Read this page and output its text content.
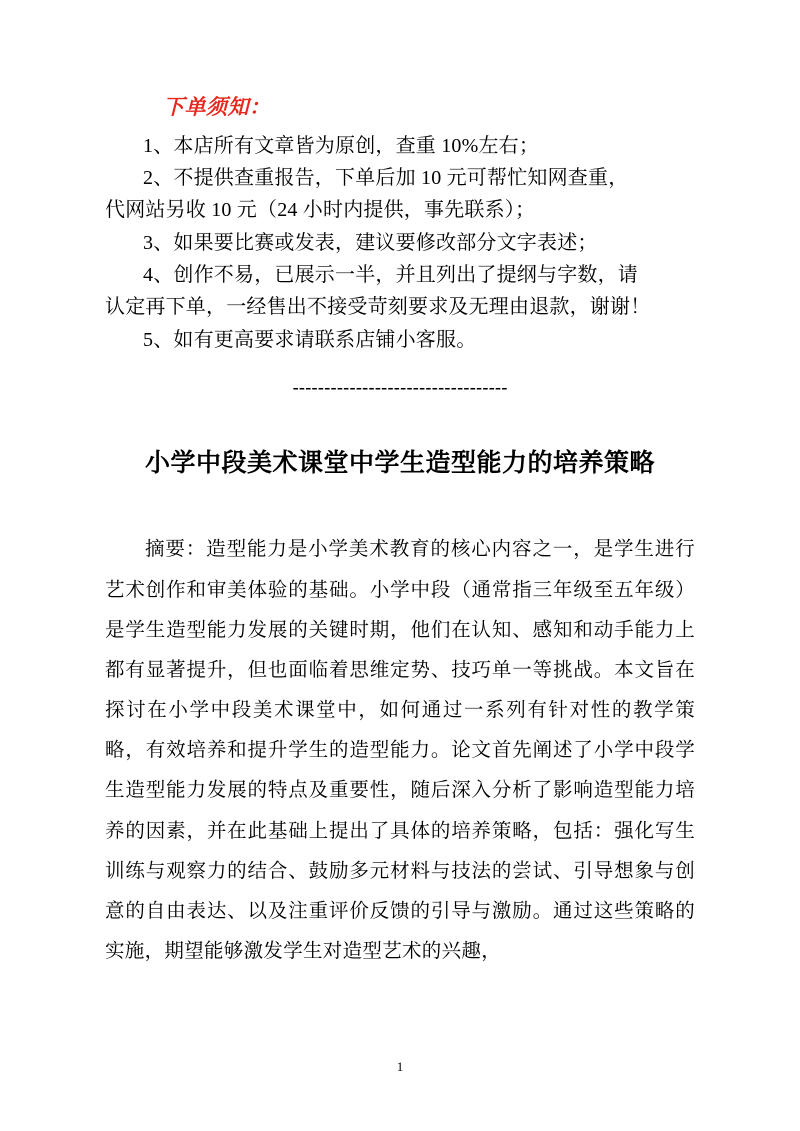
下单须知：

1、本店所有文章皆为原创，查重 10%左右；

2、不提供查重报告，下单后加 10 元可帮忙知网查重，

代网站另收 10 元（24 小时内提供，事先联系）；

3、如果要比赛或发表，建议要修改部分文字表述；

4、创作不易，已展示一半，并且列出了提纲与字数，请

认定再下单，一经售出不接受苛刻要求及无理由退款，谢谢！

5、如有更高要求请联系店铺小客服。

----------------------------------
小学中段美术课堂中学生造型能力的培养策略

摘要：造型能力是小学美术教育的核心内容之一，是学生进行艺术创作和审美体验的基础。小学中段（通常指三年级至五年级）是学生造型能力发展的关键时期，他们在认知、感知和动手能力上都有显著提升，但也面临着思维定势、技巧单一等挑战。本文旨在探讨在小学中段美术课堂中，如何通过一系列有针对性的教学策略，有效培养和提升学生的造型能力。论文首先阐述了小学中段学生造型能力发展的特点及重要性，随后深入分析了影响造型能力培养的因素，并在此基础上提出了具体的培养策略，包括：强化写生训练与观察力的结合、鼓励多元材料与技法的尝试、引导想象与创意的自由表达、以及注重评价反馈的引导与激励。通过这些策略的实施，期望能够激发学生对造型艺术的兴趣，

1
